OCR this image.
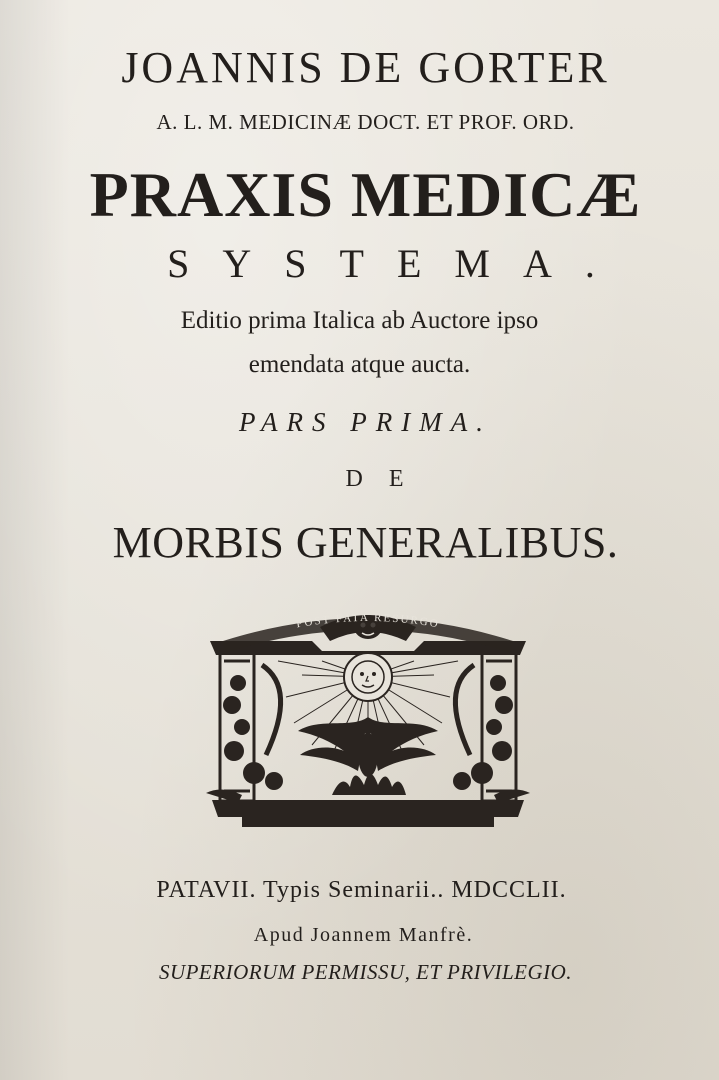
JOANNIS DE GORTER
A. L. M. MEDICINÆ DOCT. ET PROF. ORD.
PRAXIS MEDICÆ
SYSTEMA.
Editio prima Italica ab Auctore ipso
emendata atque aucta.
PARS PRIMA.
DE
MORBIS GENERALIBUS.
POST FATA RESURGO
PATAVII. Typis Seminarii.. MDCCLII.
Apud Joannem Manfrè.
SUPERIORUM PERMISSU, ET PRIVILEGIO.
